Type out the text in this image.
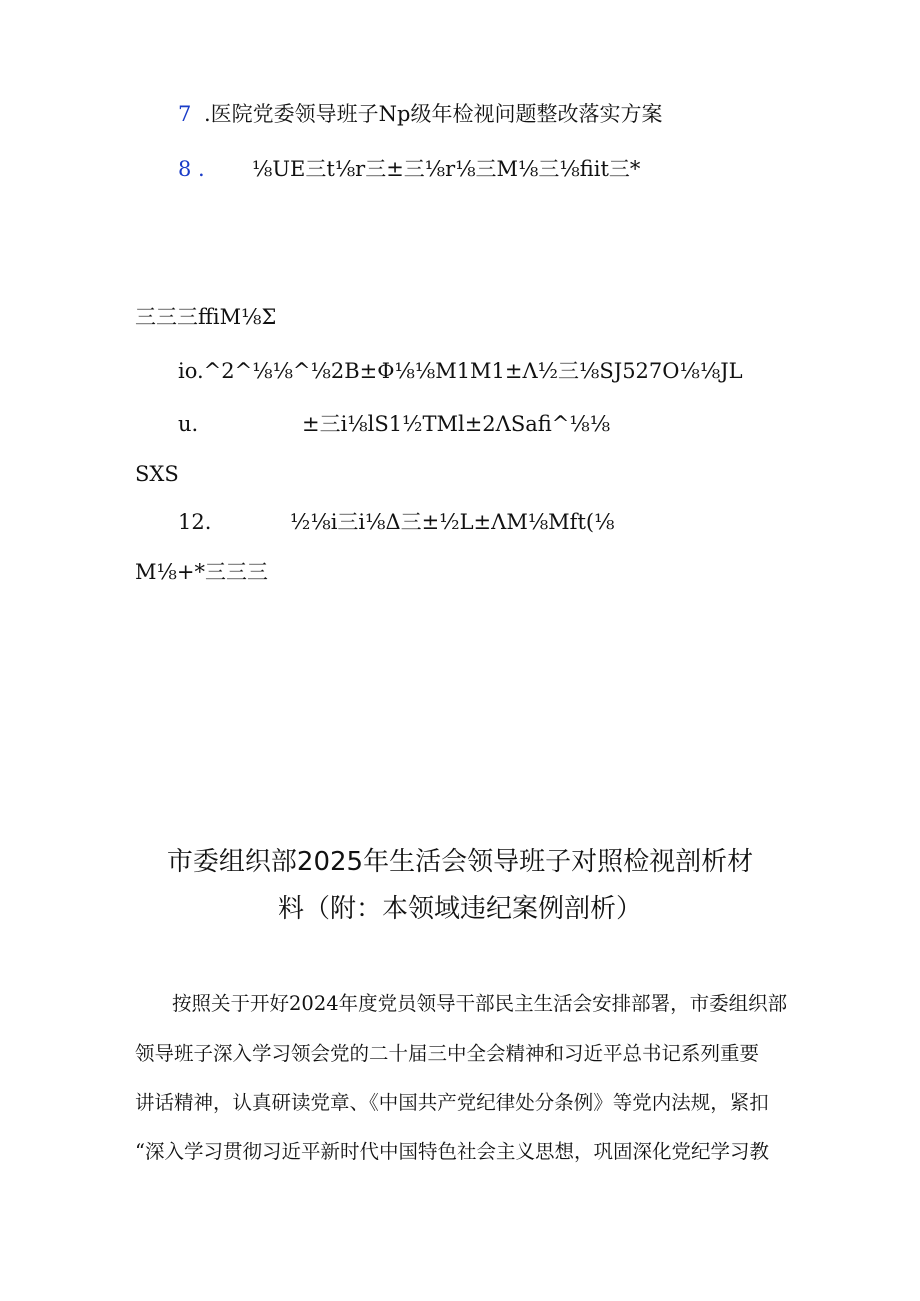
7 .医院党委领导班子Np级年检视问题整改落实方案
8 . ⅛UE三t⅛r三±三⅛r⅛三M⅛三⅛fiit三*
三三三ffiM⅛Σ
io.^2^⅛⅛^⅛2B±Φ⅛⅛M1M1±Λ½三⅛SJ527O⅛⅛JL
u.	±三i⅛lS1½TMl±2ΛSafi^⅛⅛
SXS
12.	½⅛i三i⅛Δ三±½L±ΛM⅛Mft(⅛
M⅛+*三三三
市委组织部2025年生活会领导班子对照检视剖析材
料（附：本领域违纪案例剖析）
按照关于开好2024年度党员领导干部民主生活会安排部署，市委组织部
领导班子深入学习领会党的二十届三中全会精神和习近平总书记系列重要
讲话精神，认真研读党章、《中国共产党纪律处分条例》等党内法规，紧扣
“深入学习贯彻习近平新时代中国特色社会主义思想，巩固深化党纪学习教
